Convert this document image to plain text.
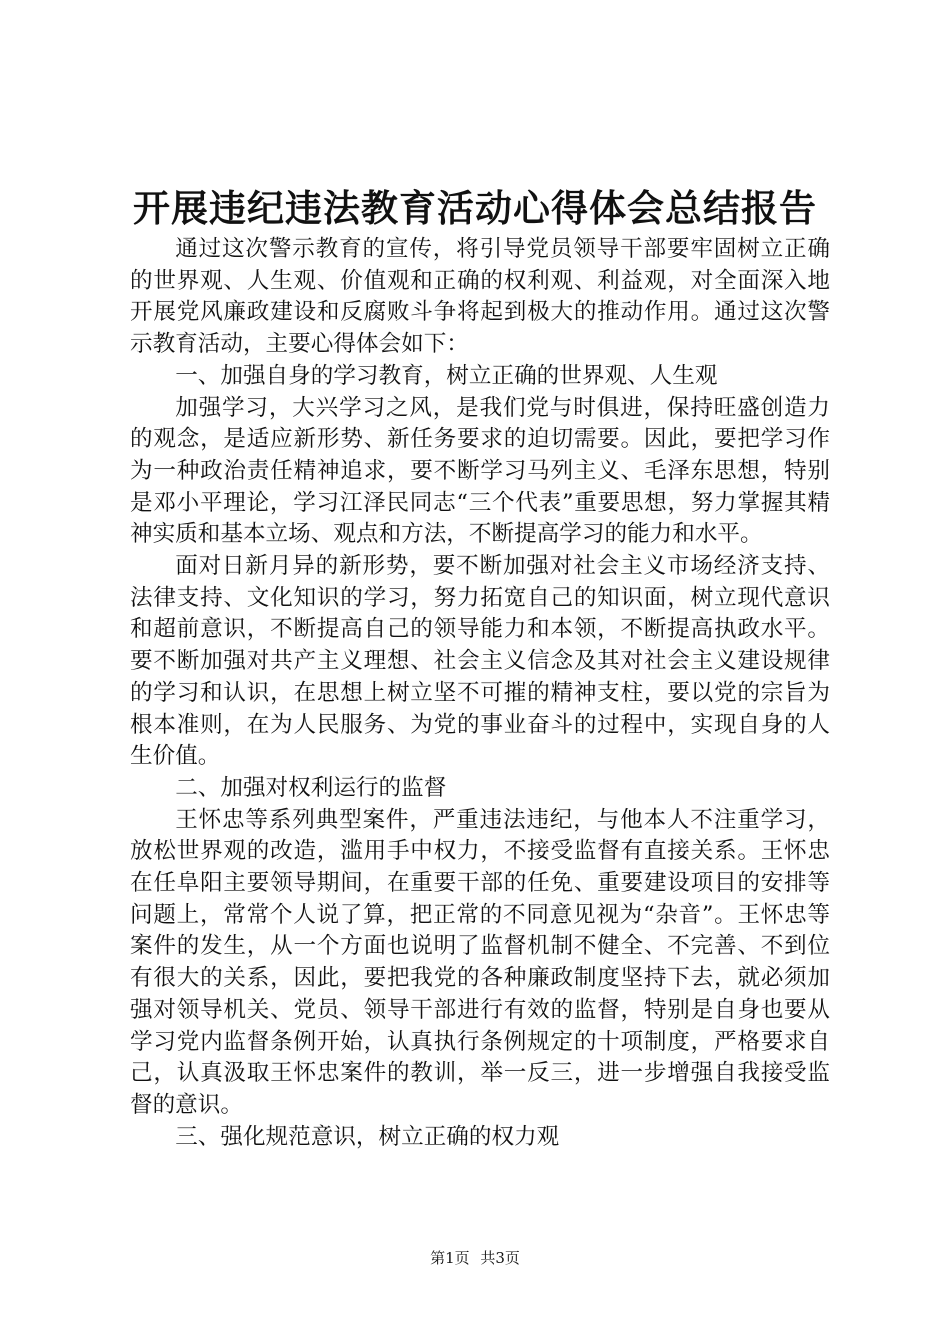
开展违纪违法教育活动心得体会总结报告

通过这次警示教育的宣传，将引导党员领导干部要牢固树立正确的世界观、人生观、价值观和正确的权利观、利益观，对全面深入地开展党风廉政建设和反腐败斗争将起到极大的推动作用。通过这次警示教育活动，主要心得体会如下：

一、加强自身的学习教育，树立正确的世界观、人生观

加强学习，大兴学习之风，是我们党与时俱进，保持旺盛创造力的观念，是适应新形势、新任务要求的迫切需要。因此，要把学习作为一种政治责任精神追求，要不断学习马列主义、毛泽东思想，特别是邓小平理论，学习江泽民同志“三个代表”重要思想，努力掌握其精神实质和基本立场、观点和方法，不断提高学习的能力和水平。

面对日新月异的新形势，要不断加强对社会主义市场经济支持、法律支持、文化知识的学习，努力拓宽自己的知识面，树立现代意识和超前意识，不断提高自己的领导能力和本领，不断提高执政水平。要不断加强对共产主义理想、社会主义信念及其对社会主义建设规律的学习和认识，在思想上树立坚不可摧的精神支柱，要以党的宗旨为根本准则，在为人民服务、为党的事业奋斗的过程中，实现自身的人生价值。

二、加强对权利运行的监督

王怀忠等系列典型案件，严重违法违纪，与他本人不注重学习，放松世界观的改造，滥用手中权力，不接受监督有直接关系。王怀忠在任阜阳主要领导期间，在重要干部的任免、重要建设项目的安排等问题上，常常个人说了算，把正常的不同意见视为“杂音”。王怀忠等案件的发生，从一个方面也说明了监督机制不健全、不完善、不到位有很大的关系，因此，要把我党的各种廉政制度坚持下去，就必须加强对领导机关、党员、领导干部进行有效的监督，特别是自身也要从学习党内监督条例开始，认真执行条例规定的十项制度，严格要求自己，认真汲取王怀忠案件的教训，举一反三，进一步增强自我接受监督的意识。

三、强化规范意识，树立正确的权力观

第1页 共3页
